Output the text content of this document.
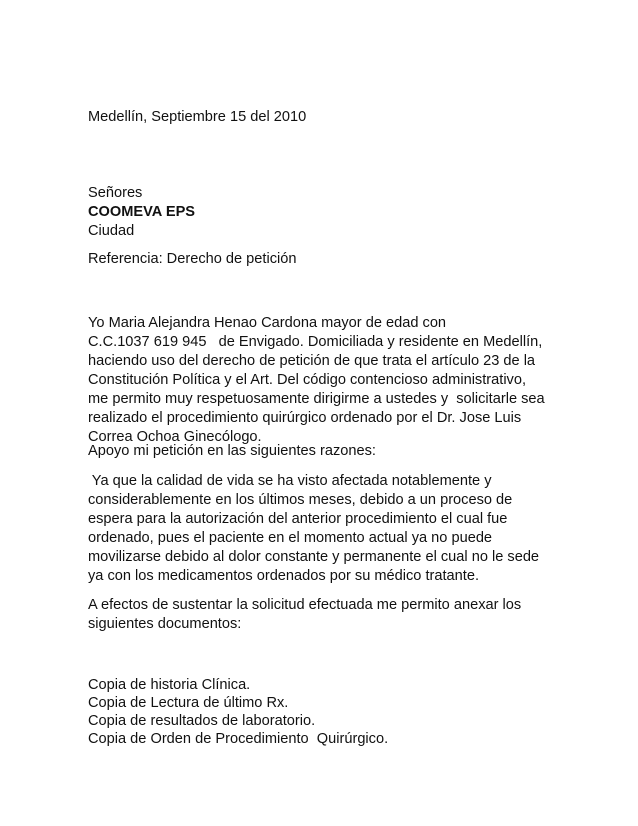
Medellín, Septiembre 15 del 2010
Señores
COOMEVA EPS
Ciudad
Referencia: Derecho de petición
Yo Maria Alejandra Henao Cardona mayor de edad con
C.C.1037 619 945   de Envigado. Domiciliada y residente en Medellín,
haciendo uso del derecho de petición de que trata el artículo 23 de la
Constitución Política y el Art. Del código contencioso administrativo,
me permito muy respetuosamente dirigirme a ustedes y  solicitarle sea
realizado el procedimiento quirúrgico ordenado por el Dr. Jose Luis
Correa Ochoa Ginecólogo.
Apoyo mi petición en las siguientes razones:
Ya que la calidad de vida se ha visto afectada notablemente y
considerablemente en los últimos meses, debido a un proceso de
espera para la autorización del anterior procedimiento el cual fue
ordenado, pues el paciente en el momento actual ya no puede
movilizarse debido al dolor constante y permanente el cual no le sede
ya con los medicamentos ordenados por su médico tratante.
A efectos de sustentar la solicitud efectuada me permito anexar los
siguientes documentos:
Copia de historia Clínica.
Copia de Lectura de último Rx.
Copia de resultados de laboratorio.
Copia de Orden de Procedimiento  Quirúrgico.
